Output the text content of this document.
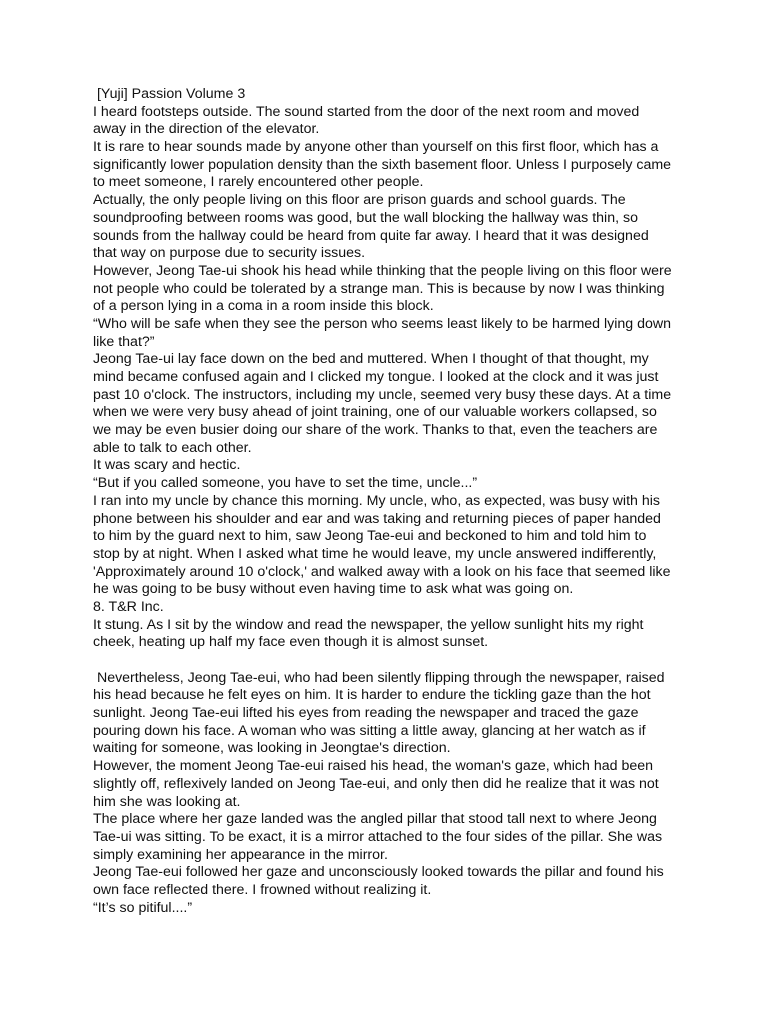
[Yuji] Passion Volume 3
I heard footsteps outside. The sound started from the door of the next room and moved
away in the direction of the elevator.
It is rare to hear sounds made by anyone other than yourself on this first floor, which has a
significantly lower population density than the sixth basement floor. Unless I purposely came
to meet someone, I rarely encountered other people.
Actually, the only people living on this floor are prison guards and school guards. The
soundproofing between rooms was good, but the wall blocking the hallway was thin, so
sounds from the hallway could be heard from quite far away. I heard that it was designed
that way on purpose due to security issues.
However, Jeong Tae-ui shook his head while thinking that the people living on this floor were
not people who could be tolerated by a strange man. This is because by now I was thinking
of a person lying in a coma in a room inside this block.
“Who will be safe when they see the person who seems least likely to be harmed lying down
like that?”
Jeong Tae-ui lay face down on the bed and muttered. When I thought of that thought, my
mind became confused again and I clicked my tongue. I looked at the clock and it was just
past 10 o'clock. The instructors, including my uncle, seemed very busy these days. At a time
when we were very busy ahead of joint training, one of our valuable workers collapsed, so
we may be even busier doing our share of the work. Thanks to that, even the teachers are
able to talk to each other.
It was scary and hectic.
“But if you called someone, you have to set the time, uncle...”
I ran into my uncle by chance this morning. My uncle, who, as expected, was busy with his
phone between his shoulder and ear and was taking and returning pieces of paper handed
to him by the guard next to him, saw Jeong Tae-eui and beckoned to him and told him to
stop by at night. When I asked what time he would leave, my uncle answered indifferently,
'Approximately around 10 o'clock,' and walked away with a look on his face that seemed like
he was going to be busy without even having time to ask what was going on.
8. T&R Inc.
It stung. As I sit by the window and read the newspaper, the yellow sunlight hits my right
cheek, heating up half my face even though it is almost sunset.
Nevertheless, Jeong Tae-euі, who had been silently flipping through the newspaper, raised
his head because he felt eyes on him. It is harder to endure the tickling gaze than the hot
sunlight. Jeong Tae-eui lifted his eyes from reading the newspaper and traced the gaze
pouring down his face. A woman who was sitting a little away, glancing at her watch as if
waiting for someone, was looking in Jeongtae's direction.
However, the moment Jeong Tae-eui raised his head, the woman's gaze, which had been
slightly off, reflexively landed on Jeong Tae-eui, and only then did he realize that it was not
him she was looking at.
The place where her gaze landed was the angled pillar that stood tall next to where Jeong
Tae-ui was sitting. To be exact, it is a mirror attached to the four sides of the pillar. She was
simply examining her appearance in the mirror.
Jeong Tae-eui followed her gaze and unconsciously looked towards the pillar and found his
own face reflected there. I frowned without realizing it.
“It’s so pitiful....”
